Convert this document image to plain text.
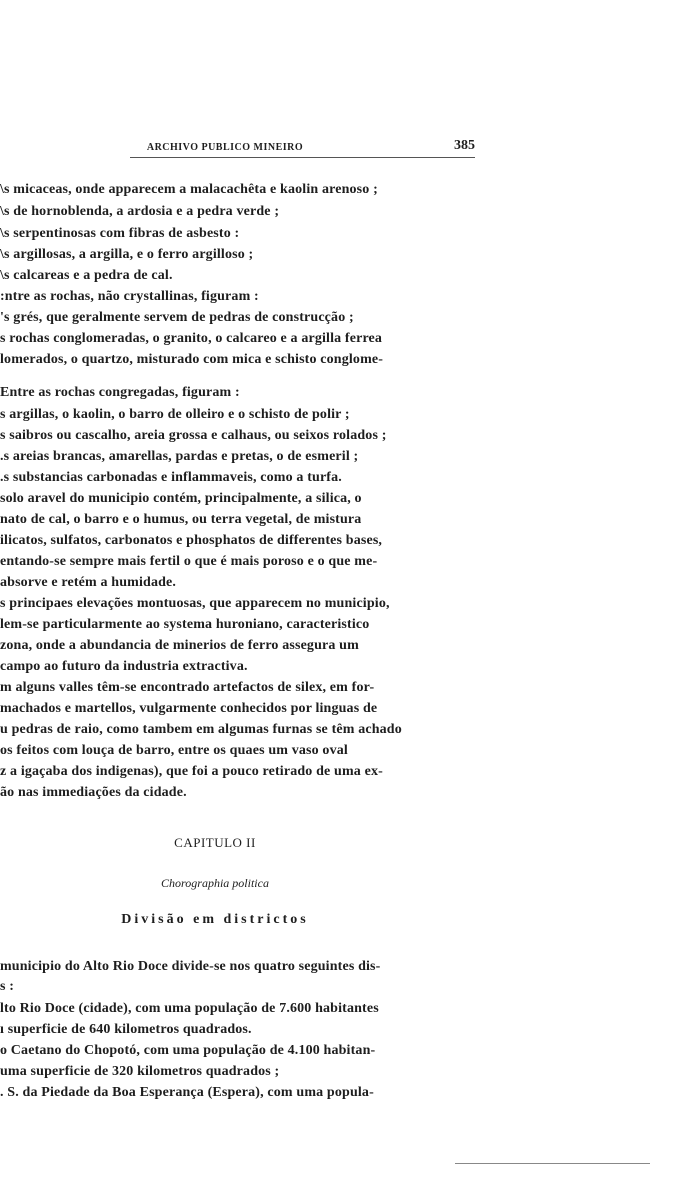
ARCHIVO PUBLICO MINEIRO	385
\s micaceas, onde apparecem a malacachêta e kaolin arenoso ;
\s de hornoblenda, a ardosia e a pedra verde ;
\s serpentinosas com fibras de asbesto :
\s argillosas, a argilla, e o ferro argilloso ;
\s calcareas e a pedra de cal.
:ntre as rochas, não crystallinas, figuram :
's grés, que geralmente servem de pedras de construcção ;
s rochas conglomeradas, o granito, o calcareo e a argilla ferrea
lomerados, o quartzo, misturado com mica e schisto conglome-
Entre as rochas congregadas, figuram :
s argillas, o kaolin, o barro de olleiro e o schisto de polir ;
s saibros ou cascalho, areia grossa e calhaus, ou seixos rolados ;
.s areias brancas, amarellas, pardas e pretas, o de esmeril ;
.s substancias carbonadas e inflammaveis, como a turfa.
solo aravel do municipio contém, principalmente, a silica, o
nato de cal, o barro e o humus, ou terra vegetal, de mistura
ilicatos, sulfatos, carbonatos e phosphatos de differentes bases,
entando-se sempre mais fertil o que é mais poroso e o que me-
absorve e retém a humidade.
s principaes elevações montuosas, que apparecem no municipio,
lem-se particularmente ao systema huroniano, caracteristico
zona, onde a abundancia de minerios de ferro assegura um
campo ao futuro da industria extractiva.
m alguns valles têm-se encontrado artefactos de silex, em for-
machados e martellos, vulgarmente conhecidos por linguas de
u pedras de raio, como tambem em algumas furnas se têm achado
os feitos com louça de barro, entre os quaes um vaso oval
z a igaçaba dos indigenas), que foi a pouco retirado de uma ex-
ão nas immediações da cidade.
CAPITULO II
Chorographia politica
Divisão em districtos
municipio do Alto Rio Doce divide-se nos quatro seguintes dis-
s :
lto Rio Doce (cidade), com uma população de 7.600 habitantes
ı superficie de 640 kilometros quadrados.
o Caetano do Chopotó, com uma população de 4.100 habitan-
uma superficie de 320 kilometros quadrados ;
. S. da Piedade da Boa Esperança (Espera), com uma popula-
